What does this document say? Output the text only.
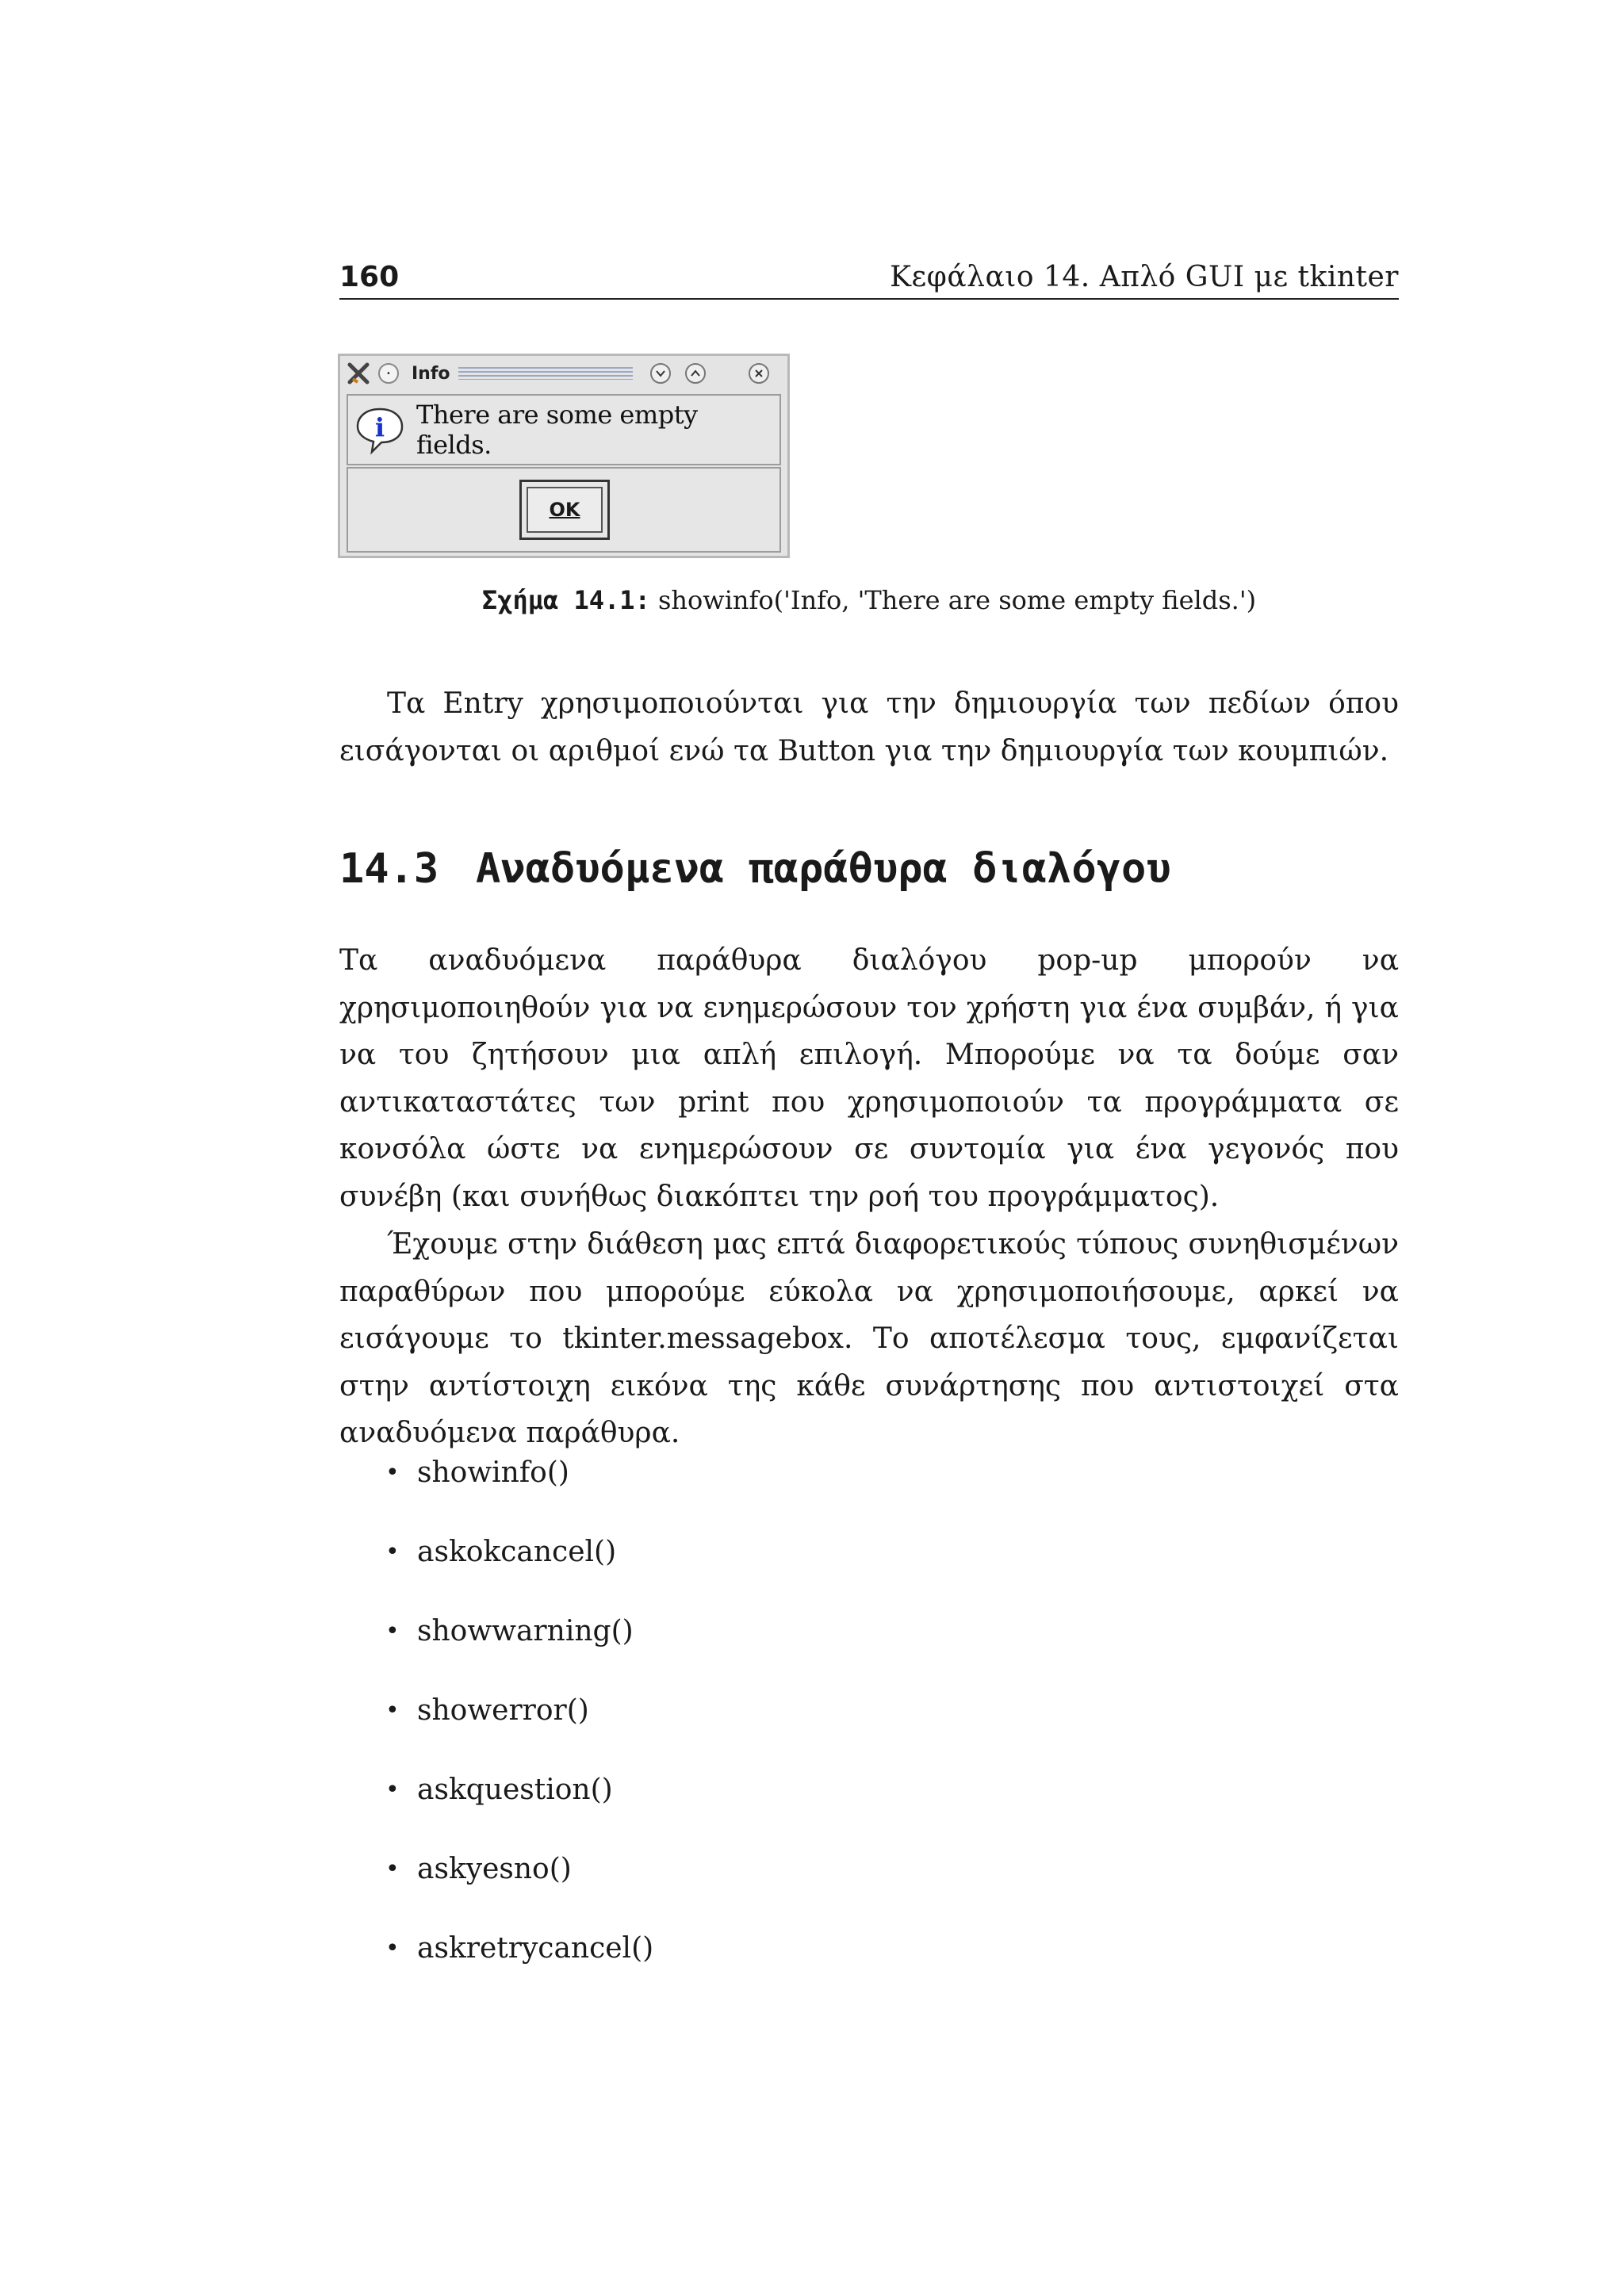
160	Κεφάλαιο 14. Απλό GUI με tkinter
•	Info
i There are some empty fields.
OK
Σχήμα 14.1: showinfo('Info, 'There are some empty fields.')
Τα Entry χρησιμοποιούνται για την δημιουργία των πεδίων όπου εισάγονται οι αριθμοί ενώ τα Button για την δημιουργία των κουμπιών.
14.3 Αναδυόμενα παράθυρα διαλόγου
Τα αναδυόμενα παράθυρα διαλόγου pop-up μπορούν να χρησιμοποιηθούν για να ενημερώσουν τον χρήστη για ένα συμβάν, ή για να του ζητήσουν μια απλή επιλογή. Μπορούμε να τα δούμε σαν αντικαταστάτες των print που χρησιμοποιούν τα προγράμματα σε κονσόλα ώστε να ενημερώσουν σε συντομία για ένα γεγονός που συνέβη (και συνήθως διακόπτει την ροή του προγράμματος).
Έχουμε στην διάθεση μας επτά διαφορετικούς τύπους συνηθισμένων παραθύρων που μπορούμε εύκολα να χρησιμοποιήσουμε, αρκεί να εισάγουμε το tkinter.messagebox. Το αποτέλεσμα τους, εμφανίζεται στην αντίστοιχη εικόνα της κάθε συνάρτησης που αντιστοιχεί στα αναδυόμενα παράθυρα.
• showinfo()
• askokcancel()
• showwarning()
• showerror()
• askquestion()
• askyesno()
• askretrycancel()
